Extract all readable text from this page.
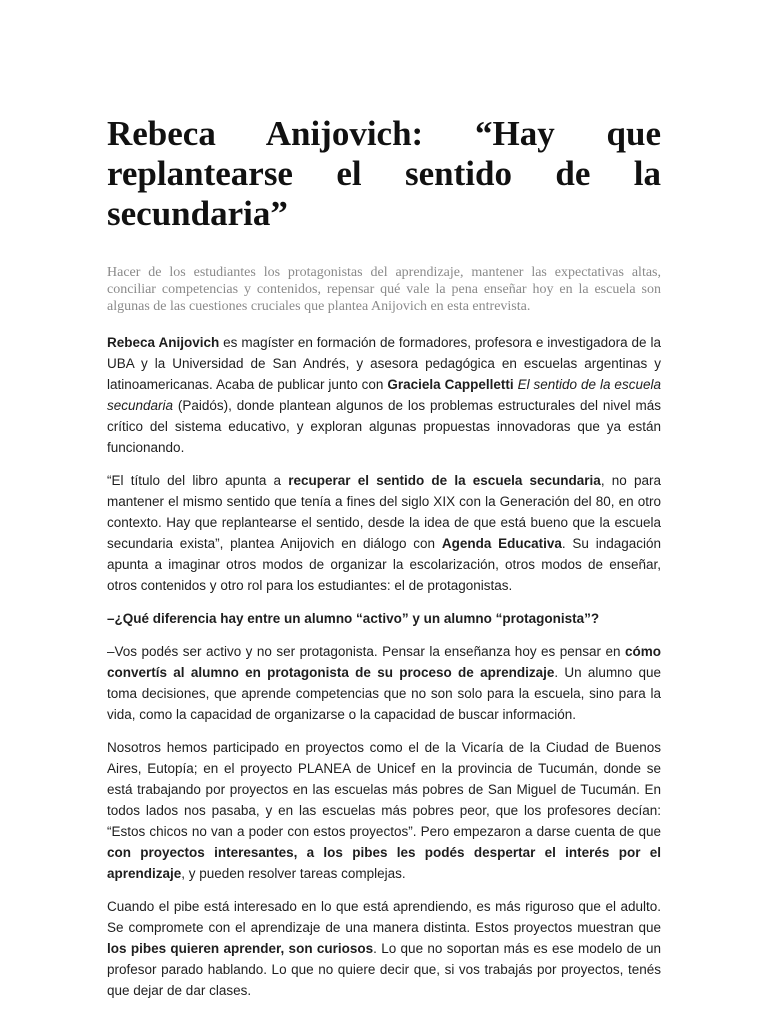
Rebeca Anijovich: “Hay que replantearse el sentido de la secundaria”

Hacer de los estudiantes los protagonistas del aprendizaje, mantener las expectativas altas, conciliar competencias y contenidos, repensar qué vale la pena enseñar hoy en la escuela son algunas de las cuestiones cruciales que plantea Anijovich en esta entrevista.

Rebeca Anijovich es magíster en formación de formadores, profesora e investigadora de la UBA y la Universidad de San Andrés, y asesora pedagógica en escuelas argentinas y latinoamericanas. Acaba de publicar junto con Graciela Cappelletti El sentido de la escuela secundaria (Paidós), donde plantean algunos de los problemas estructurales del nivel más crítico del sistema educativo, y exploran algunas propuestas innovadoras que ya están funcionando.

“El título del libro apunta a recuperar el sentido de la escuela secundaria, no para mantener el mismo sentido que tenía a fines del siglo XIX con la Generación del 80, en otro contexto. Hay que replantearse el sentido, desde la idea de que está bueno que la escuela secundaria exista”, plantea Anijovich en diálogo con Agenda Educativa. Su indagación apunta a imaginar otros modos de organizar la escolarización, otros modos de enseñar, otros contenidos y otro rol para los estudiantes: el de protagonistas.

–¿Qué diferencia hay entre un alumno “activo” y un alumno “protagonista”?

–Vos podés ser activo y no ser protagonista. Pensar la enseñanza hoy es pensar en cómo convertís al alumno en protagonista de su proceso de aprendizaje. Un alumno que toma decisiones, que aprende competencias que no son solo para la escuela, sino para la vida, como la capacidad de organizarse o la capacidad de buscar información.

Nosotros hemos participado en proyectos como el de la Vicaría de la Ciudad de Buenos Aires, Eutopía; en el proyecto PLANEA de Unicef en la provincia de Tucumán, donde se está trabajando por proyectos en las escuelas más pobres de San Miguel de Tucumán. En todos lados nos pasaba, y en las escuelas más pobres peor, que los profesores decían: “Estos chicos no van a poder con estos proyectos”. Pero empezaron a darse cuenta de que con proyectos interesantes, a los pibes les podés despertar el interés por el aprendizaje, y pueden resolver tareas complejas.

Cuando el pibe está interesado en lo que está aprendiendo, es más riguroso que el adulto. Se compromete con el aprendizaje de una manera distinta. Estos proyectos muestran que los pibes quieren aprender, son curiosos. Lo que no soportan más es ese modelo de un profesor parado hablando. Lo que no quiere decir que, si vos trabajás por proyectos, tenés que dejar de dar clases.
